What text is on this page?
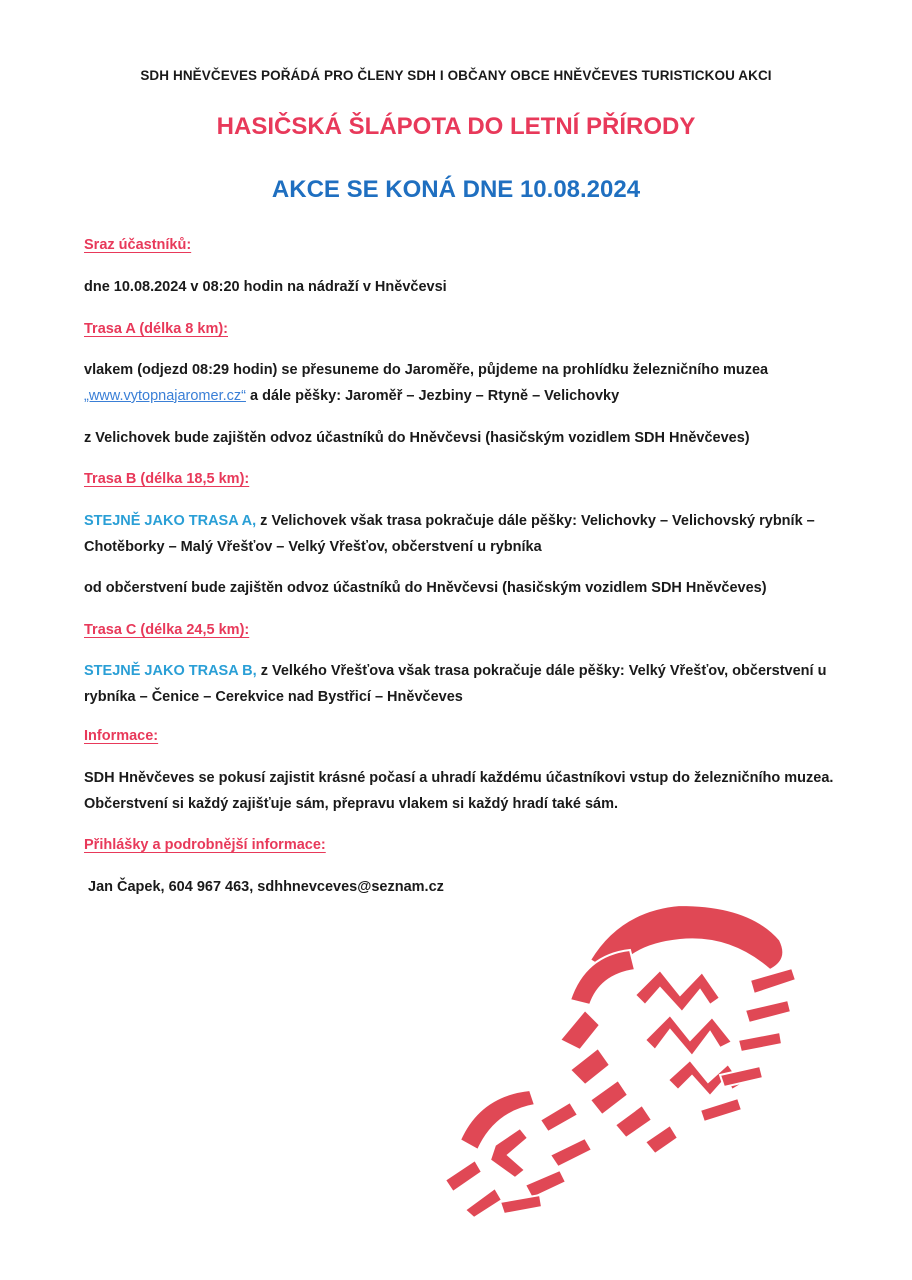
SDH HNĚVČEVES POŘÁDÁ PRO ČLENY SDH I OBČANY OBCE HNĚVČEVES TURISTICKOU AKCI
HASIČSKÁ ŠLÁPOTA DO LETNÍ PŘÍRODY
AKCE SE KONÁ DNE 10.08.2024
Sraz účastníků:
dne 10.08.2024 v 08:20 hodin na nádraží v Hněvčevsi
Trasa A (délka 8 km):
vlakem (odjezd 08:29 hodin) se přesuneme do Jaroměře, půjdeme na prohlídku železničního muzea
„www.vytopnajaromer.cz“ a dále pěšky: Jaroměř – Jezbiny – Rtyně – Velichovky
z Velichovek bude zajištěn odvoz účastníků do Hněvčevsi (hasičským vozidlem SDH Hněvčeves)
Trasa B (délka 18,5 km):
STEJNĚ JAKO TRASA A, z Velichovek však trasa pokračuje dále pěšky: Velichovky – Velichovský rybník – Chotěborky – Malý Vřešťov – Velký Vřešťov, občerstvení u rybníka
od občerstvení bude zajištěn odvoz účastníků do Hněvčevsi (hasičským vozidlem SDH Hněvčeves)
Trasa C (délka 24,5 km):
STEJNĚ JAKO TRASA B, z Velkého Vřešťova však trasa pokračuje dále pěšky: Velký Vřešťov, občerstvení u rybníka – Čenice – Cerekvice nad Bystřicí – Hněvčeves
Informace:
SDH Hněvčeves se pokusí zajistit krásné počasí a uhradí každému účastníkovi vstup do železničního muzea. Občerstvení si každý zajišťuje sám, přepravu vlakem si každý hradí také sám.
Přihlášky a podrobnější informace:
Jan Čapek, 604 967 463, sdhhnevceves@seznam.cz
